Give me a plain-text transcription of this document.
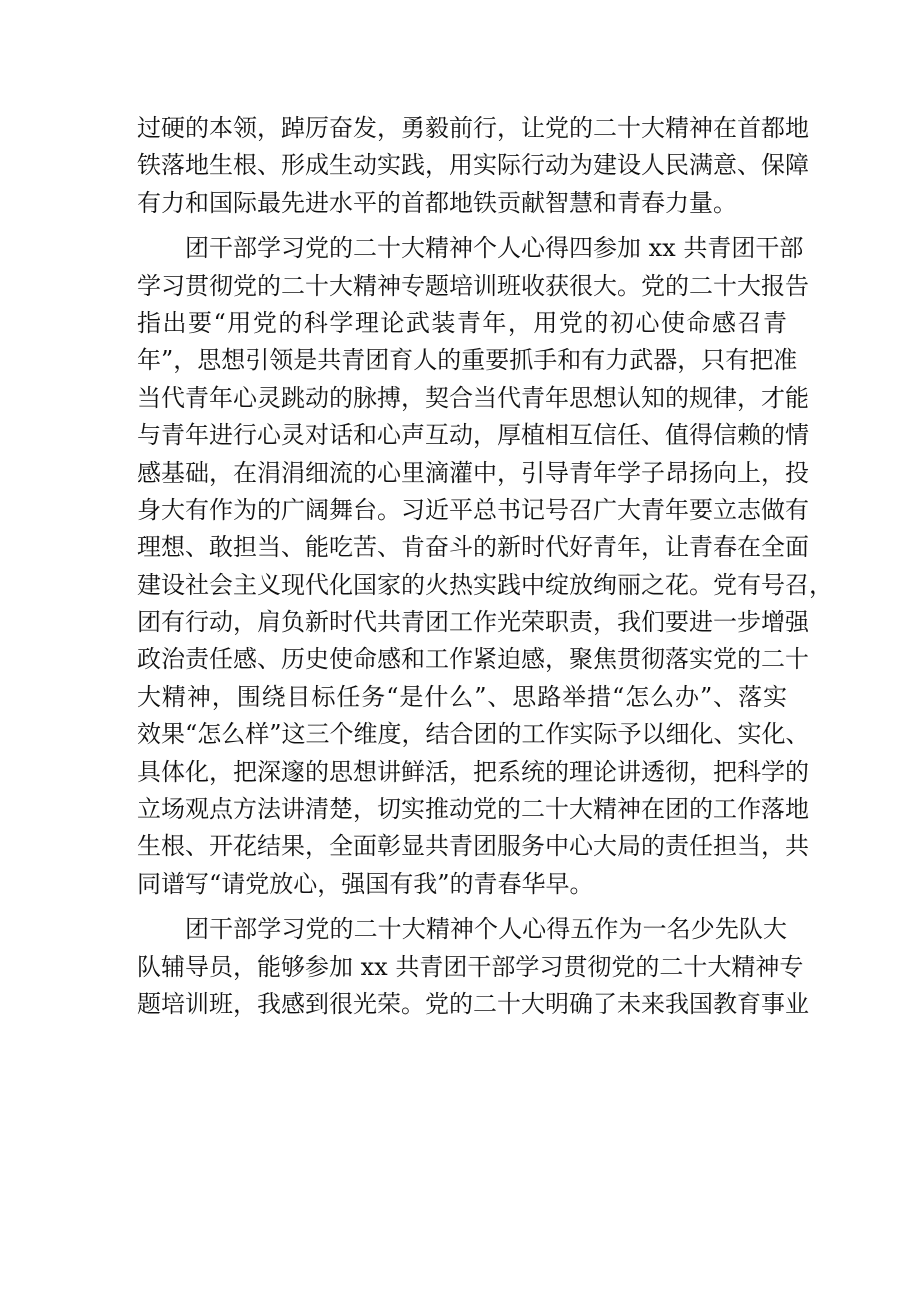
过硬的本领，踔厉奋发，勇毅前行，让党的二十大精神在首都地
铁落地生根、形成生动实践，用实际行动为建设人民满意、保障
有力和国际最先进水平的首都地铁贡献智慧和青春力量。
团干部学习党的二十大精神个人心得四参加 xx 共青团干部
学习贯彻党的二十大精神专题培训班收获很大。党的二十大报告
指出要“用党的科学理论武装青年，用党的初心使命感召青
年”，思想引领是共青团育人的重要抓手和有力武器，只有把准
当代青年心灵跳动的脉搏，契合当代青年思想认知的规律，才能
与青年进行心灵对话和心声互动，厚植相互信任、值得信赖的情
感基础，在涓涓细流的心里滴灌中，引导青年学子昂扬向上，投
身大有作为的广阔舞台。习近平总书记号召广大青年要立志做有
理想、敢担当、能吃苦、肯奋斗的新时代好青年，让青春在全面
建设社会主义现代化国家的火热实践中绽放绚丽之花。党有号召，
团有行动，肩负新时代共青团工作光荣职责，我们要进一步增强
政治责任感、历史使命感和工作紧迫感，聚焦贯彻落实党的二十
大精神，围绕目标任务“是什么”、思路举措“怎么办”、落实
效果“怎么样”这三个维度，结合团的工作实际予以细化、实化、
具体化，把深邃的思想讲鲜活，把系统的理论讲透彻，把科学的
立场观点方法讲清楚，切实推动党的二十大精神在团的工作落地
生根、开花结果，全面彰显共青团服务中心大局的责任担当，共
同谱写“请党放心，强国有我”的青春华早。
团干部学习党的二十大精神个人心得五作为一名少先队大
队辅导员，能够参加 xx 共青团干部学习贯彻党的二十大精神专
题培训班，我感到很光荣。党的二十大明确了未来我国教育事业
